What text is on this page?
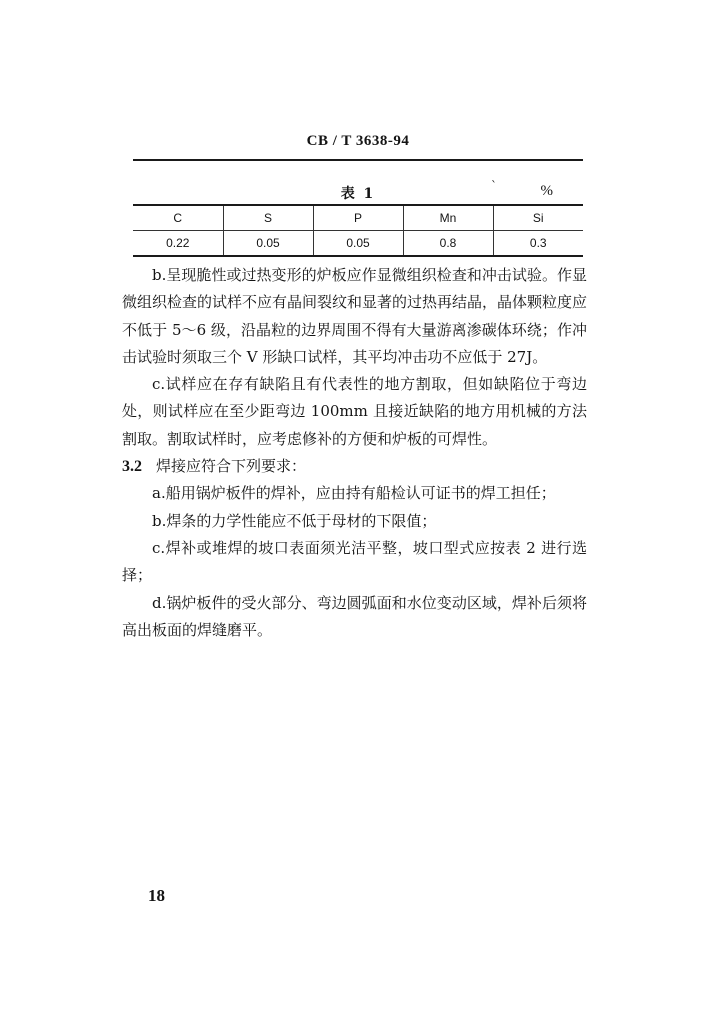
CB / T 3638-94
表 1	`	%
C	S	P	Mn	Si
0.22	0.05	0.05	0.8	0.3

b.呈现脆性或过热变形的炉板应作显微组织检查和冲击试验。作显微组织检查的试样不应有晶间裂纹和显著的过热再结晶，晶体颗粒度应不低于 5～6 级，沿晶粒的边界周围不得有大量游离渗碳体环绕；作冲击试验时须取三个 V 形缺口试样，其平均冲击功不应低于 27J。

c.试样应在存有缺陷且有代表性的地方割取，但如缺陷位于弯边处，则试样应在至少距弯边 100mm 且接近缺陷的地方用机械的方法割取。割取试样时，应考虑修补的方便和炉板的可焊性。

3.2 焊接应符合下列要求：

a.船用锅炉板件的焊补，应由持有船检认可证书的焊工担任；

b.焊条的力学性能应不低于母材的下限值；

c.焊补或堆焊的坡口表面须光洁平整，坡口型式应按表 2 进行选择；

d.锅炉板件的受火部分、弯边圆弧面和水位变动区域，焊补后须将高出板面的焊缝磨平。

18
